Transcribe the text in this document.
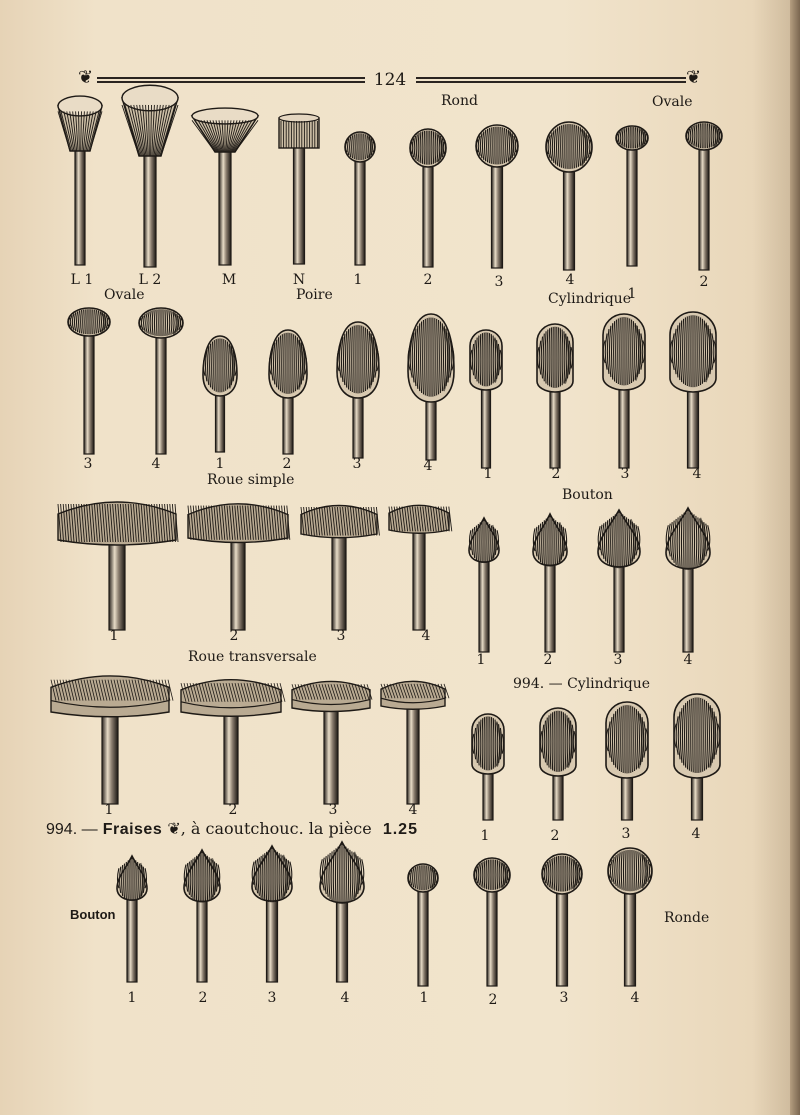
❦	124	❦
Rond	Ovale
Ovale	Poire	Cylindrique
Roue simple
Bouton
Roue transversale
994. — Cylindrique
Bouton	Ronde
994. — Fraises ❦, à caoutchouc. la pièce 1.25
L 1	L 2	M	N	1	2	3	4
1
2
3	4	1	2	3	4	1	2	3	4
1	2	3	4
1	2	3	4
1	2	3	4
1	2	3	4
1	2	3	4	1	2	3	4
